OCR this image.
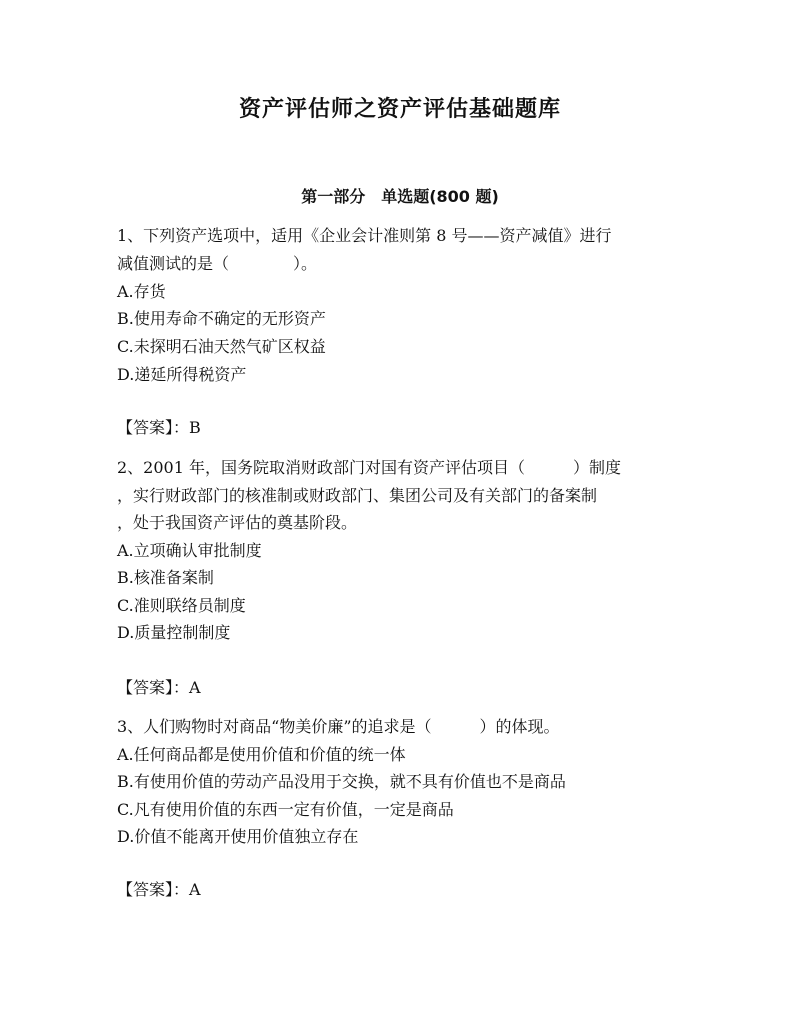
资产评估师之资产评估基础题库
第一部分　单选题(800 题)
1、下列资产选项中，适用《企业会计准则第 8 号——资产减值》进行
减值测试的是（　　　　）。
A.存货
B.使用寿命不确定的无形资产
C.未探明石油天然气矿区权益
D.递延所得税资产
【答案】：B
2、2001 年，国务院取消财政部门对国有资产评估项目（　　　）制度
，实行财政部门的核准制或财政部门、集团公司及有关部门的备案制
，处于我国资产评估的奠基阶段。
A.立项确认审批制度
B.核准备案制
C.准则联络员制度
D.质量控制制度
【答案】：A
3、人们购物时对商品“物美价廉”的追求是（　　　）的体现。
A.任何商品都是使用价值和价值的统一体
B.有使用价值的劳动产品没用于交换，就不具有价值也不是商品
C.凡有使用价值的东西一定有价值，一定是商品
D.价值不能离开使用价值独立存在
【答案】：A
